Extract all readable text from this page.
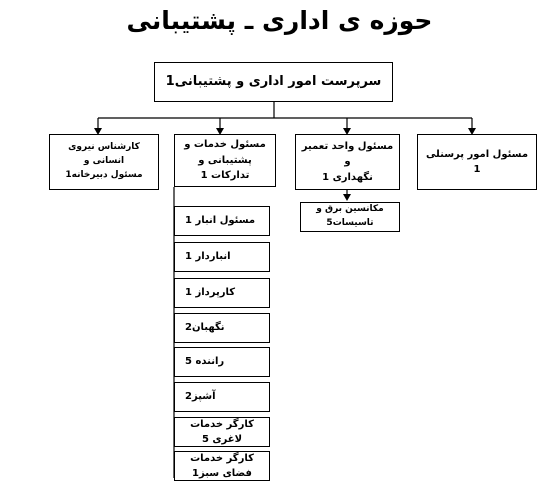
حوزه ی اداری ـ پشتیبانی
سرپرست امور اداری و پشتیبانی1
مسئول امور پرسنلی 1
مسئول واحد تعمیر و
نگهداری 1
مسئول خدمات و
پشتیبانی و تدارکات 1
کارشناس نیروی انسانی و
مسئول دبیرخانه1
مکانسین برق و تاسیسات5
مسئول انبار 1
انباردار 1
کارپرداز 1
نگهبان2
راننده 5
آشپز2
کارگر خدمات لاغری 5
کارگر خدمات فضای سبز1
